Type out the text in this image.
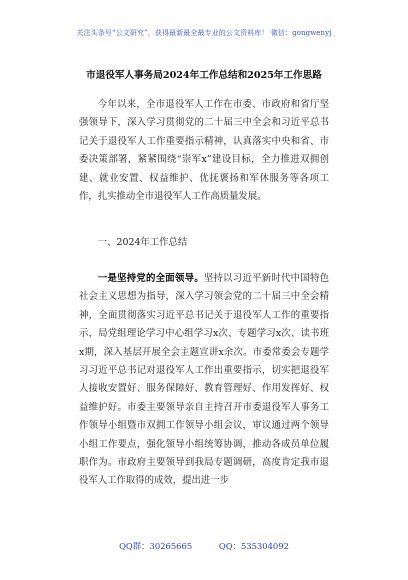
关注头条号“公文研究”，获得最新最全最专业的公文资料库！ 微信：gongwenyj
市退役军人事务局2024年工作总结和2025年工作思路

今年以来，全市退役军人工作在市委、市政府和省厅坚强领导下，深入学习贯彻党的二十届三中全会和习近平总书记关于退役军人工作重要指示精神，认真落实中央和省、市委决策部署，紧紧围绕“崇军x”建设目标，全力推进双拥创建、就业安置、权益维护、优抚褒扬和军休服务等各项工作，扎实推动全市退役军人工作高质量发展。

一、2024年工作总结

一是坚持党的全面领导。坚持以习近平新时代中国特色社会主义思想为指导，深入学习领会党的二十届三中全会精神，全面贯彻落实习近平总书记关于退役军人工作的重要指示，局党组理论学习中心组学习x次、专题学习x次、读书班x期，深入基层开展全会主题宣讲x余次。市委常委会专题学习习近平总书记对退役军人工作出重要指示，切实把退役军人接收安置好、服务保障好、教育管理好、作用发挥好、权益维护好。市委主要领导亲自主持召开市委退役军人事务工作领导小组暨市双拥工作领导小组会议，审议通过两个领导小组工作要点，强化领导小组统筹协调，推动各成员单位履职作为。市政府主要领导到我局专题调研，高度肯定我市退役军人工作取得的成效，提出进一步

QQ群：30265665	QQ：535304092
